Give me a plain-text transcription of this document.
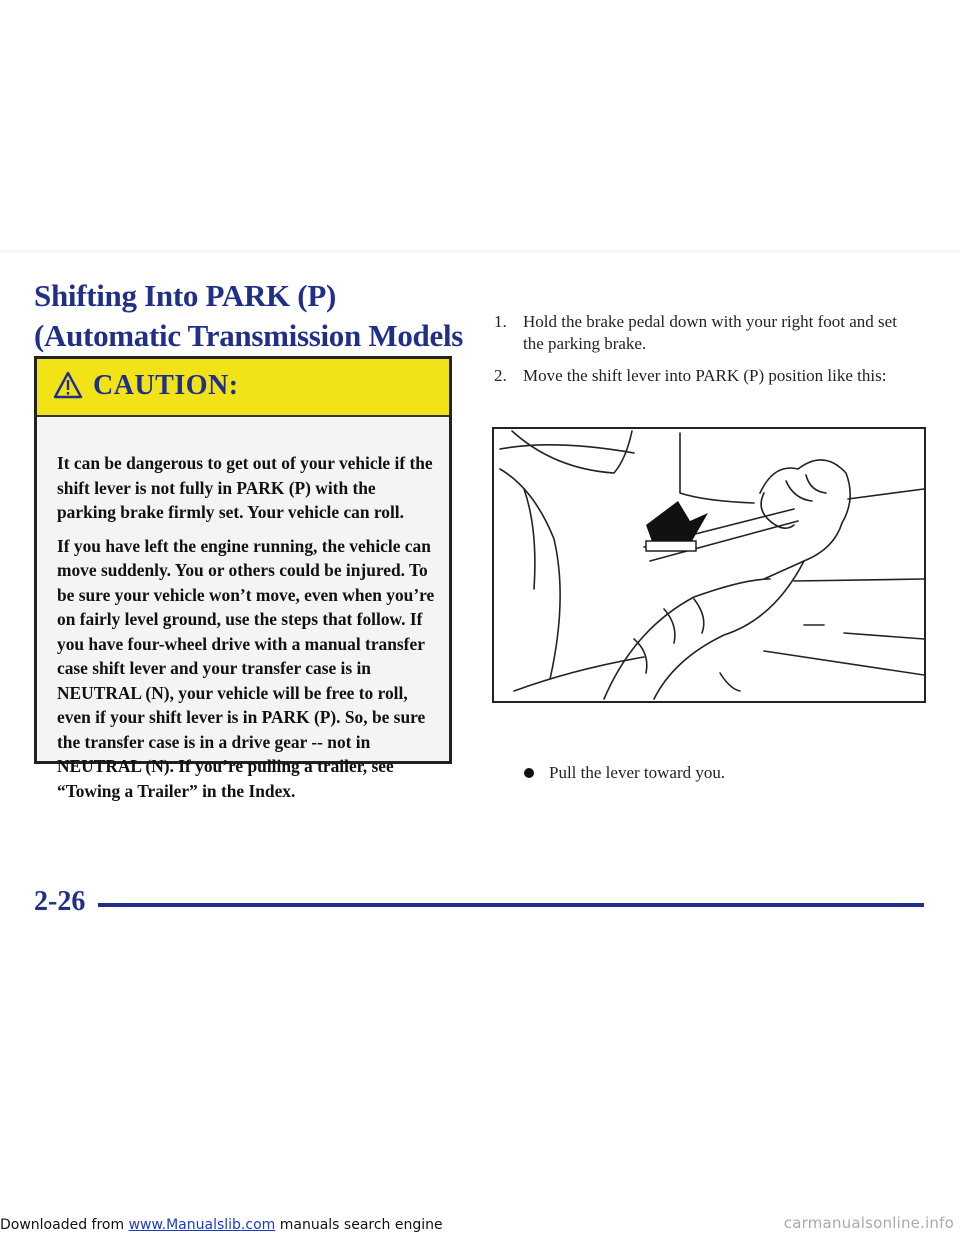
Shifting Into PARK (P)
(Automatic Transmission Models
CAUTION:

It can be dangerous to get out of your vehicle if the shift lever is not fully in PARK (P) with the parking brake firmly set. Your vehicle can roll.

If you have left the engine running, the vehicle can move suddenly. You or others could be injured. To be sure your vehicle won’t move, even when you’re on fairly level ground, use the steps that follow. If you have four-wheel drive with a manual transfer case shift lever and your transfer case is in NEUTRAL (N), your vehicle will be free to roll, even if your shift lever is in PARK (P). So, be sure the transfer case is in a drive gear -- not in NEUTRAL (N). If you’re pulling a trailer, see “Towing a Trailer” in the Index.

1. Hold the brake pedal down with your right foot and set the parking brake.
2. Move the shift lever into PARK (P) position like this:
Pull the lever toward you.
2-26
Downloaded from www.Manualslib.com manuals search engine	carmanualsonline.info
